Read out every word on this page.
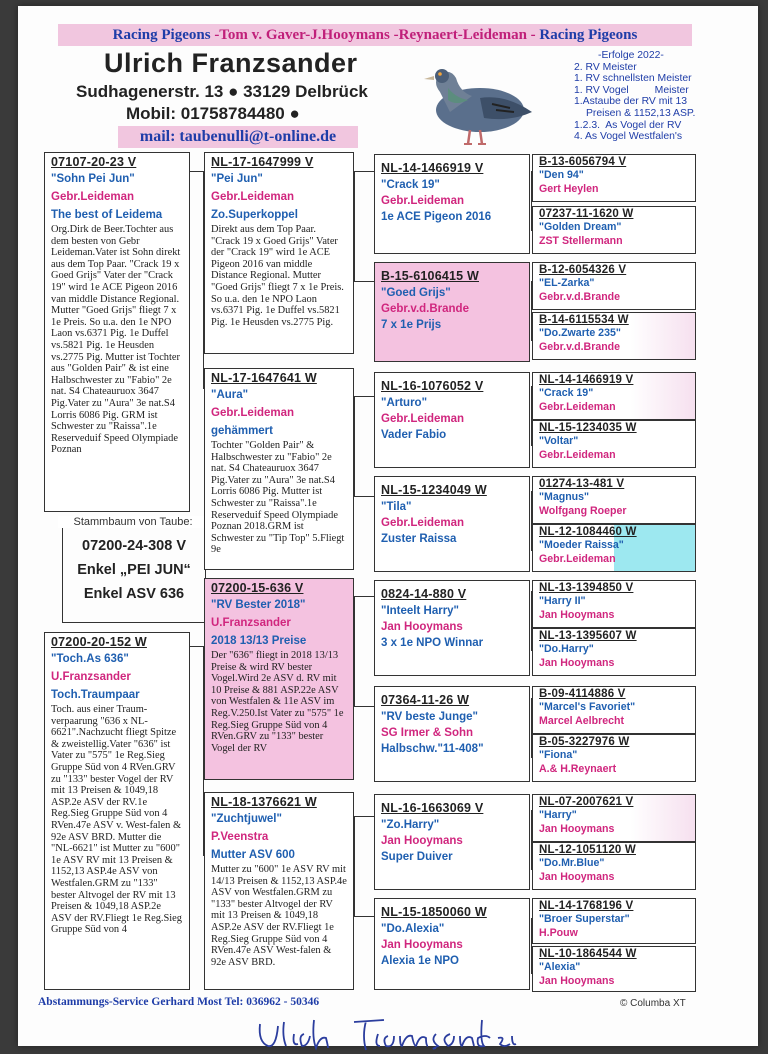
Racing Pigeons -Tom v. Gaver-J.Hooymans -Reynaert-Leideman - Racing Pigeons
Ulrich Franzsander
Sudhagenerstr. 13 ● 33129 Delbrück
Mobil: 01758784480 ●
mail: taubenulli@t-online.de
-Erfolge 2022-
2. RV Meister
1. RV schnellsten Meister
1. RV Vogel         Meister
1.Astaube der RV mit 13
Preisen & 1152,13 ASP.
1.2.3.  As Vogel der RV
4. As Vogel Westfalen's
07107-20-23 V
"Sohn Pei Jun"
Gebr.Leideman
The best of Leidema
Org.Dirk de Beer.Tochter aus dem besten von Gebr Leideman.Vater ist Sohn direkt aus dem Top Paar. "Crack 19 x Goed Grijs" Vater der "Crack 19" wird 1e ACE Pigeon 2016 van middle Distance Regional. Mutter "Goed Grijs" fliegt 7 x 1e Preis. So u.a. den 1e NPO Laon vs.6371 Pig. 1e Duffel vs.5821 Pig. 1e Heusden vs.2775 Pig. Mutter ist Tochter aus "Golden Pair" & ist eine Halbschwester zu "Fabio" 2e nat. S4 Chateauruox 3647 Pig.Vater zu "Aura" 3e nat.S4 Lorris 6086 Pig. GRM ist Schwester zu "Raissa".1e Reserveduif Speed Olympiade Poznan
07200-24-308 V
Enkel „PEI JUN“
Enkel ASV 636
Stammbaum von Taube:
07200-20-152 W
"Toch.As 636"
U.Franzsander
Toch.Traumpaar
Toch. aus einer Traum-verpaarung "636 x NL-6621".Nachzucht fliegt Spitze & zweistellig.Vater "636" ist Vater zu "575" 1e Reg.Sieg Gruppe Süd von 4 RVen.GRV zu "133" bester Vogel der RV mit 13 Preisen & 1049,18 ASP.2e ASV der RV.1e Reg.Sieg Gruppe Süd von 4 RVen.47e ASV v. West-falen & 92e ASV BRD. Mutter die "NL-6621" ist Mutter zu "600" 1e ASV RV mit 13 Preisen & 1152,13 ASP.4e ASV von Westfalen.GRM zu "133" bester Altvogel der RV mit 13 Preisen & 1049,18 ASP.2e ASV der RV.Fliegt 1e Reg.Sieg Gruppe Süd von 4
NL-17-1647999 V
"Pei Jun"
Gebr.Leideman
Zo.Superkoppel
Direkt aus dem Top Paar. "Crack 19 x Goed Grijs" Vater der "Crack 19" wird 1e ACE Pigeon 2016 van middle Distance Regional. Mutter "Goed Grijs" fliegt 7 x 1e Preis. So u.a. den 1e NPO Laon vs.6371 Pig. 1e Duffel vs.5821 Pig. 1e Heusden vs.2775 Pig.
NL-17-1647641 W
"Aura"
Gebr.Leideman
gehämmert
Tochter "Golden Pair" & Halbschwester zu "Fabio" 2e nat. S4 Chateauruox 3647 Pig.Vater zu "Aura" 3e nat.S4 Lorris 6086 Pig. Mutter ist Schwester zu "Raissa".1e Reserveduif Speed Olympiade Poznan 2018.GRM ist Schwester zu "Tip Top" 5.Fliegt 9e
07200-15-636 V
"RV Bester 2018"
U.Franzsander
2018 13/13 Preise
Der "636" fliegt in 2018 13/13 Preise & wird RV bester Vogel.Wird 2e ASV d. RV mit 10 Preise & 881 ASP.22e ASV von Westfalen & 11e ASV im Reg.V.250.Ist Vater zu "575" 1e Reg.Sieg Gruppe Süd von 4 RVen.GRV zu "133" bester Vogel der RV
NL-18-1376621 W
"Zuchtjuwel"
P.Veenstra
Mutter ASV 600
Mutter zu "600" 1e ASV RV mit 14/13 Preisen & 1152,13 ASP.4e ASV von Westfalen.GRM zu "133" bester Altvogel der RV mit 13 Preisen & 1049,18 ASP.2e ASV der RV.Fliegt 1e Reg.Sieg Gruppe Süd von 4 RVen.47e ASV West-falen & 92e ASV BRD.
NL-14-1466919 V
"Crack 19"
Gebr.Leideman
1e ACE Pigeon 2016
B-15-6106415 W
"Goed Grijs"
Gebr.v.d.Brande
7 x 1e Prijs
NL-16-1076052 V
"Arturo"
Gebr.Leideman
Vader Fabio
NL-15-1234049 W
"Tila"
Gebr.Leideman
Zuster Raissa
0824-14-880 V
"Inteelt Harry"
Jan Hooymans
3 x 1e NPO Winnar
07364-11-26 W
"RV beste Junge"
SG Irmer & Sohn
Halbschw."11-408"
NL-16-1663069 V
"Zo.Harry"
Jan Hooymans
Super Duiver
NL-15-1850060 W
"Do.Alexia"
Jan Hooymans
Alexia 1e NPO
B-13-6056794 V
"Den 94"
Gert Heylen
07237-11-1620 W
"Golden Dream"
ZST Stellermann
B-12-6054326 V
"EL-Zarka"
Gebr.v.d.Brande
B-14-6115534 W
"Do.Zwarte 235"
Gebr.v.d.Brande
NL-14-1466919 V
"Crack 19"
Gebr.Leideman
NL-15-1234035 W
"Voltar"
Gebr.Leideman
01274-13-481 V
"Magnus"
Wolfgang Roeper
NL-12-1084460 W
"Moeder Raissa"
Gebr.Leideman
NL-13-1394850 V
"Harry II"
Jan Hooymans
NL-13-1395607 W
"Do.Harry"
Jan Hooymans
B-09-4114886 V
"Marcel's Favoriet"
Marcel Aelbrecht
B-05-3227976 W
"Fiona"
A.& H.Reynaert
NL-07-2007621 V
"Harry"
Jan Hooymans
NL-12-1051120 W
"Do.Mr.Blue"
Jan Hooymans
NL-14-1768196 V
"Broer Superstar"
H.Pouw
NL-10-1864544 W
"Alexia"
Jan Hooymans
Abstammungs-Service Gerhard Most Tel: 036962 - 50346	© Columba XT
